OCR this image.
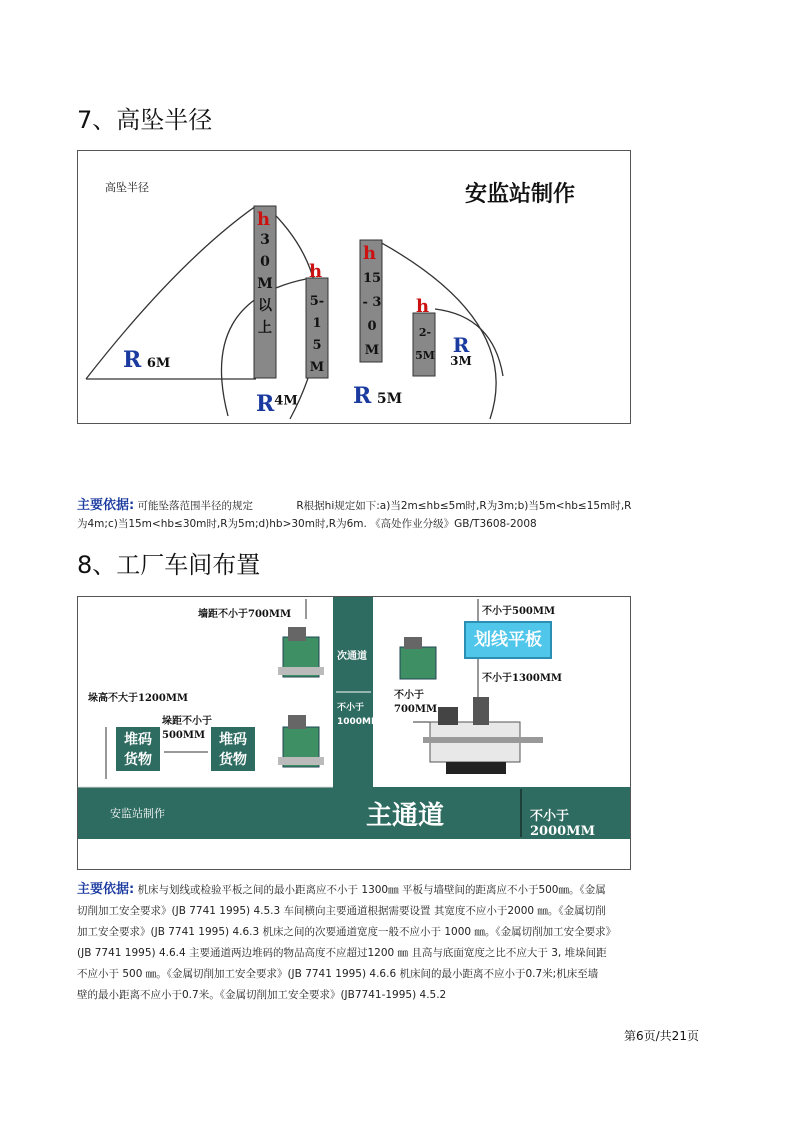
7、高坠半径
h
h
h
h
高坠半径	安监站制作
30 M 以 上
5- 15 M
15- 30 M
2- 5M
R 6M
$R^{4M}$	R 5M
R
3M
主要依据: 可能坠落范围半径的规定	R根据hi规定如下:a)当2m≤hb≤5m时,R为3m;b)当5m<hb≤15m时,R
为4m;c)当15m<hb≤30m时,R为5m;d)hb>30m时,R为6m. 《高处作业分级》GB/T3608-2008
8、工厂车间布置
划线平板
堆码 货物
堆码 货物
墙距不小于700MM
次通道
不小于500MM
不小于1300MM
垛高不大于1200MM
垛距不小于 500MM
不小于 700MM
不小于 1000MM
安监站制作	主通道	不小于2000MM
主要依据: 机床与划线或检验平板之间的最小距离应不小于 1300㎜ 平板与墙壁间的距离应不小于500㎜。《金属
切削加工安全要求》(JB 7741 1995) 4.5.3 车间横向主要通道根据需要设置 其宽度不应小于2000 ㎜。《金属切削
加工安全要求》(JB 7741 1995) 4.6.3 机床之间的次要通道宽度一般不应小于 1000 ㎜。《金属切削加工安全要求》
(JB 7741 1995) 4.6.4 主要通道两边堆码的物品高度不应超过1200 ㎜ 且高与底面宽度之比不应大于 3, 堆垛间距
不应小于 500 ㎜。《金属切削加工安全要求》(JB 7741 1995) 4.6.6 机床间的最小距离不应小于0.7米;机床至墙
壁的最小距离不应小于0.7米。《金属切削加工安全要求》(JB7741-1995) 4.5.2
第6页/共21页
